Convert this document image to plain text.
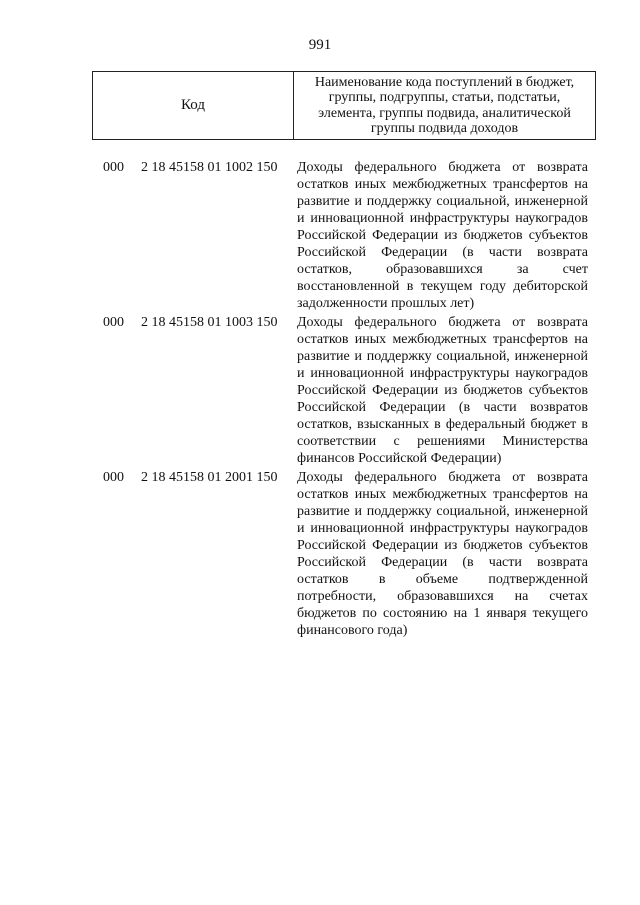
991
Код
Наименование кода поступлений в бюджет, группы, подгруппы, статьи, подстатьи, элемента, группы подвида, аналитической группы подвида доходов
000 2 18 45158 01 1002 150 Доходы федерального бюджета от возврата остатков иных межбюджетных трансфертов на развитие и поддержку социальной, инженерной и инновационной инфраструктуры наукоградов Российской Федерации из бюджетов субъектов Российской Федерации (в части возврата остатков, образовавшихся за счет восстановленной в текущем году дебиторской задолженности прошлых лет)
000 2 18 45158 01 1003 150 Доходы федерального бюджета от возврата остатков иных межбюджетных трансфертов на развитие и поддержку социальной, инженерной и инновационной инфраструктуры наукоградов Российской Федерации из бюджетов субъектов Российской Федерации (в части возвратов остатков, взысканных в федеральный бюджет в соответствии с решениями Министерства финансов Российской Федерации)
000 2 18 45158 01 2001 150 Доходы федерального бюджета от возврата остатков иных межбюджетных трансфертов на развитие и поддержку социальной, инженерной и инновационной инфраструктуры наукоградов Российской Федерации из бюджетов субъектов Российской Федерации (в части возврата остатков в объеме подтвержденной потребности, образовавшихся на счетах бюджетов по состоянию на 1 января текущего финансового года)
